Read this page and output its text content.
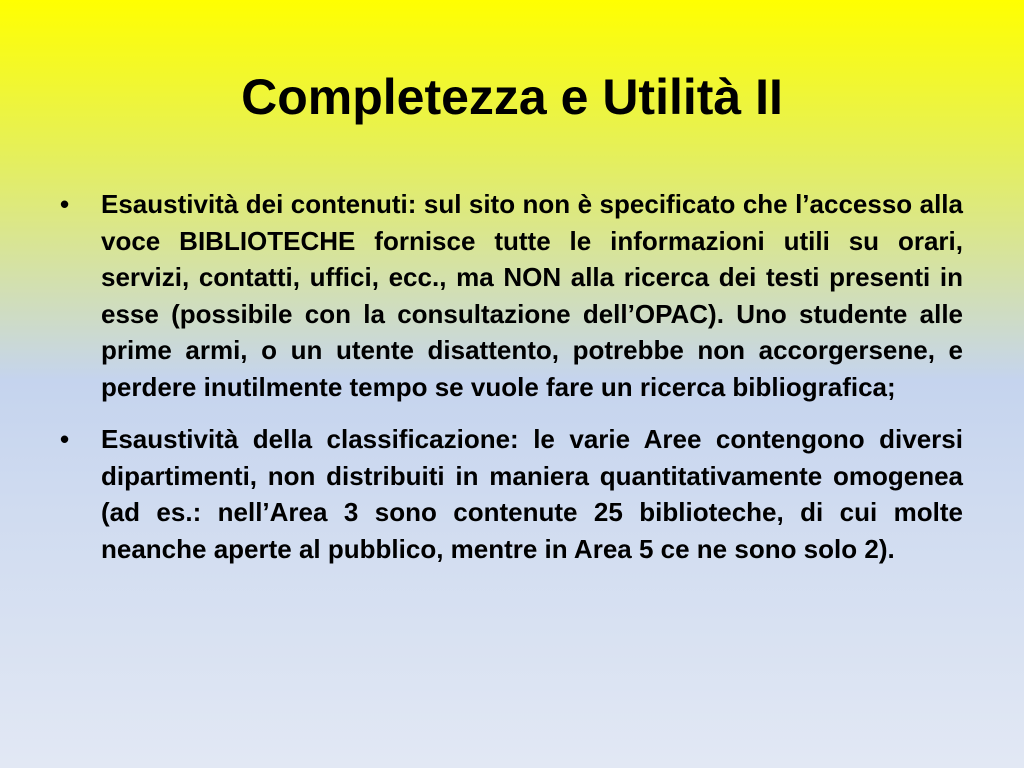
Completezza e Utilità II
• Esaustività dei contenuti: sul sito non è specificato che l’accesso alla voce BIBLIOTECHE fornisce tutte le informazioni utili su orari, servizi, contatti, uffici, ecc., ma NON alla ricerca dei testi presenti in esse (possibile con la consultazione dell’OPAC). Uno studente alle prime armi, o un utente disattento, potrebbe non accorgersene, e perdere inutilmente tempo se vuole fare un ricerca bibliografica;
• Esaustività della classificazione: le varie Aree contengono diversi dipartimenti, non distribuiti in maniera quantitativamente omogenea (ad es.: nell’Area 3 sono contenute 25 biblioteche, di cui molte neanche aperte al pubblico, mentre in Area 5 ce ne sono solo 2).
